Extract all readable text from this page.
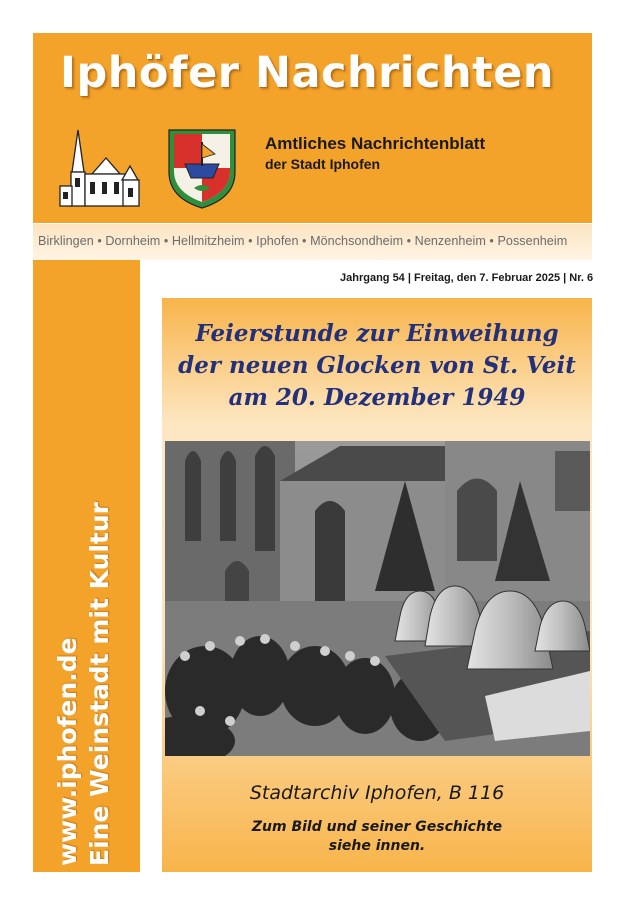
Iphöfer Nachrichten
Amtliches Nachrichtenblatt
der Stadt Iphofen
Birklingen • Dornheim • Hellmitzheim • Iphofen • Mönchsondheim • Nenzenheim • Possenheim
www.iphofen.de Eine Weinstadt mit Kultur
Jahrgang 54 | Freitag, den 7. Februar 2025 | Nr. 6
Feierstunde zur Einweihung
der neuen Glocken von St. Veit
am 20. Dezember 1949
Stadtarchiv Iphofen, B 116
Zum Bild und seiner Geschichte
siehe innen.
